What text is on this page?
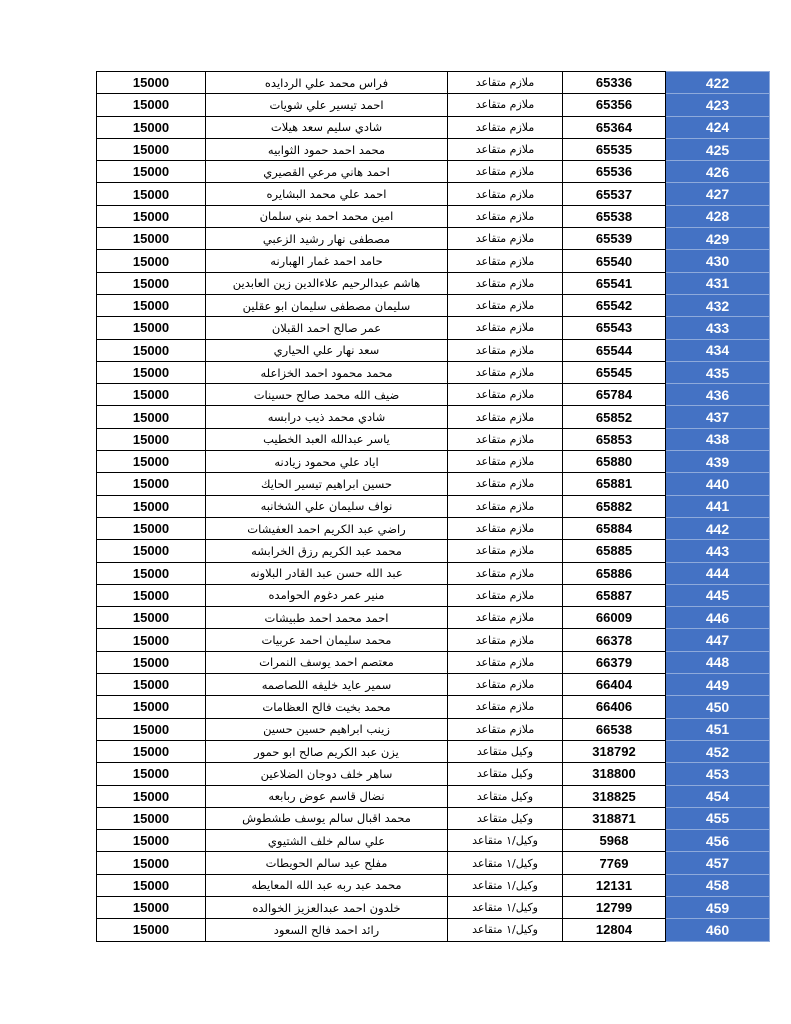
15000	فراس محمد علي الردايده	ملازم متقاعد	65336	422
15000	احمد تيسير علي شويات	ملازم متقاعد	65356	423
15000	شادي سليم سعد هيلات	ملازم متقاعد	65364	424
15000	محمد احمد حمود الثوابيه	ملازم متقاعد	65535	425
15000	احمد هاني مرعي القصيري	ملازم متقاعد	65536	426
15000	احمد علي محمد البشايره	ملازم متقاعد	65537	427
15000	امين محمد احمد بني سلمان	ملازم متقاعد	65538	428
15000	مصطفى نهار رشيد الزعبي	ملازم متقاعد	65539	429
15000	حامد احمد غمار الهبارنه	ملازم متقاعد	65540	430
15000	هاشم عبدالرحيم علاءالدين زين العابدين	ملازم متقاعد	65541	431
15000	سليمان مصطفى سليمان ابو عقلين	ملازم متقاعد	65542	432
15000	عمر صالح احمد القبلان	ملازم متقاعد	65543	433
15000	سعد نهار علي الحياري	ملازم متقاعد	65544	434
15000	محمد محمود احمد الخزاعله	ملازم متقاعد	65545	435
15000	ضيف الله محمد صالح حسينات	ملازم متقاعد	65784	436
15000	شادي محمد ذيب درابسه	ملازم متقاعد	65852	437
15000	ياسر عبدالله العبد الخطيب	ملازم متقاعد	65853	438
15000	اياد علي محمود زيادنه	ملازم متقاعد	65880	439
15000	حسين ابراهيم تيسير الحايك	ملازم متقاعد	65881	440
15000	نواف سليمان علي الشخانبه	ملازم متقاعد	65882	441
15000	راضي عبد الكريم احمد العفيشات	ملازم متقاعد	65884	442
15000	محمد عبد الكريم رزق الخرابشه	ملازم متقاعد	65885	443
15000	عبد الله حسن عبد القادر البلاونه	ملازم متقاعد	65886	444
15000	منير عمر دغوم الحوامده	ملازم متقاعد	65887	445
15000	احمد محمد احمد طبيشات	ملازم متقاعد	66009	446
15000	محمد سليمان احمد عربيات	ملازم متقاعد	66378	447
15000	معتصم احمد يوسف النمرات	ملازم متقاعد	66379	448
15000	سمير عايد خليفه اللصاصمه	ملازم متقاعد	66404	449
15000	محمد بخيت فالح العظامات	ملازم متقاعد	66406	450
15000	زينب ابراهيم حسين حسين	ملازم متقاعد	66538	451
15000	يزن عبد الكريم صالح ابو حمور	وكيل متقاعد	318792	452
15000	ساهر خلف دوجان الضلاعين	وكيل متقاعد	318800	453
15000	نضال قاسم عوض ربابعه	وكيل متقاعد	318825	454
15000	محمد اقبال سالم يوسف طشطوش	وكيل متقاعد	318871	455
15000	علي سالم خلف الشتيوي	وكيل/١ متقاعد	5968	456
15000	مفلح عيد سالم الحويطات	وكيل/١ متقاعد	7769	457
15000	محمد عبد ربه عبد الله المعايطه	وكيل/١ متقاعد	12131	458
15000	خلدون احمد عبدالعزيز الخوالده	وكيل/١ متقاعد	12799	459
15000	رائد احمد فالح السعود	وكيل/١ متقاعد	12804	460
